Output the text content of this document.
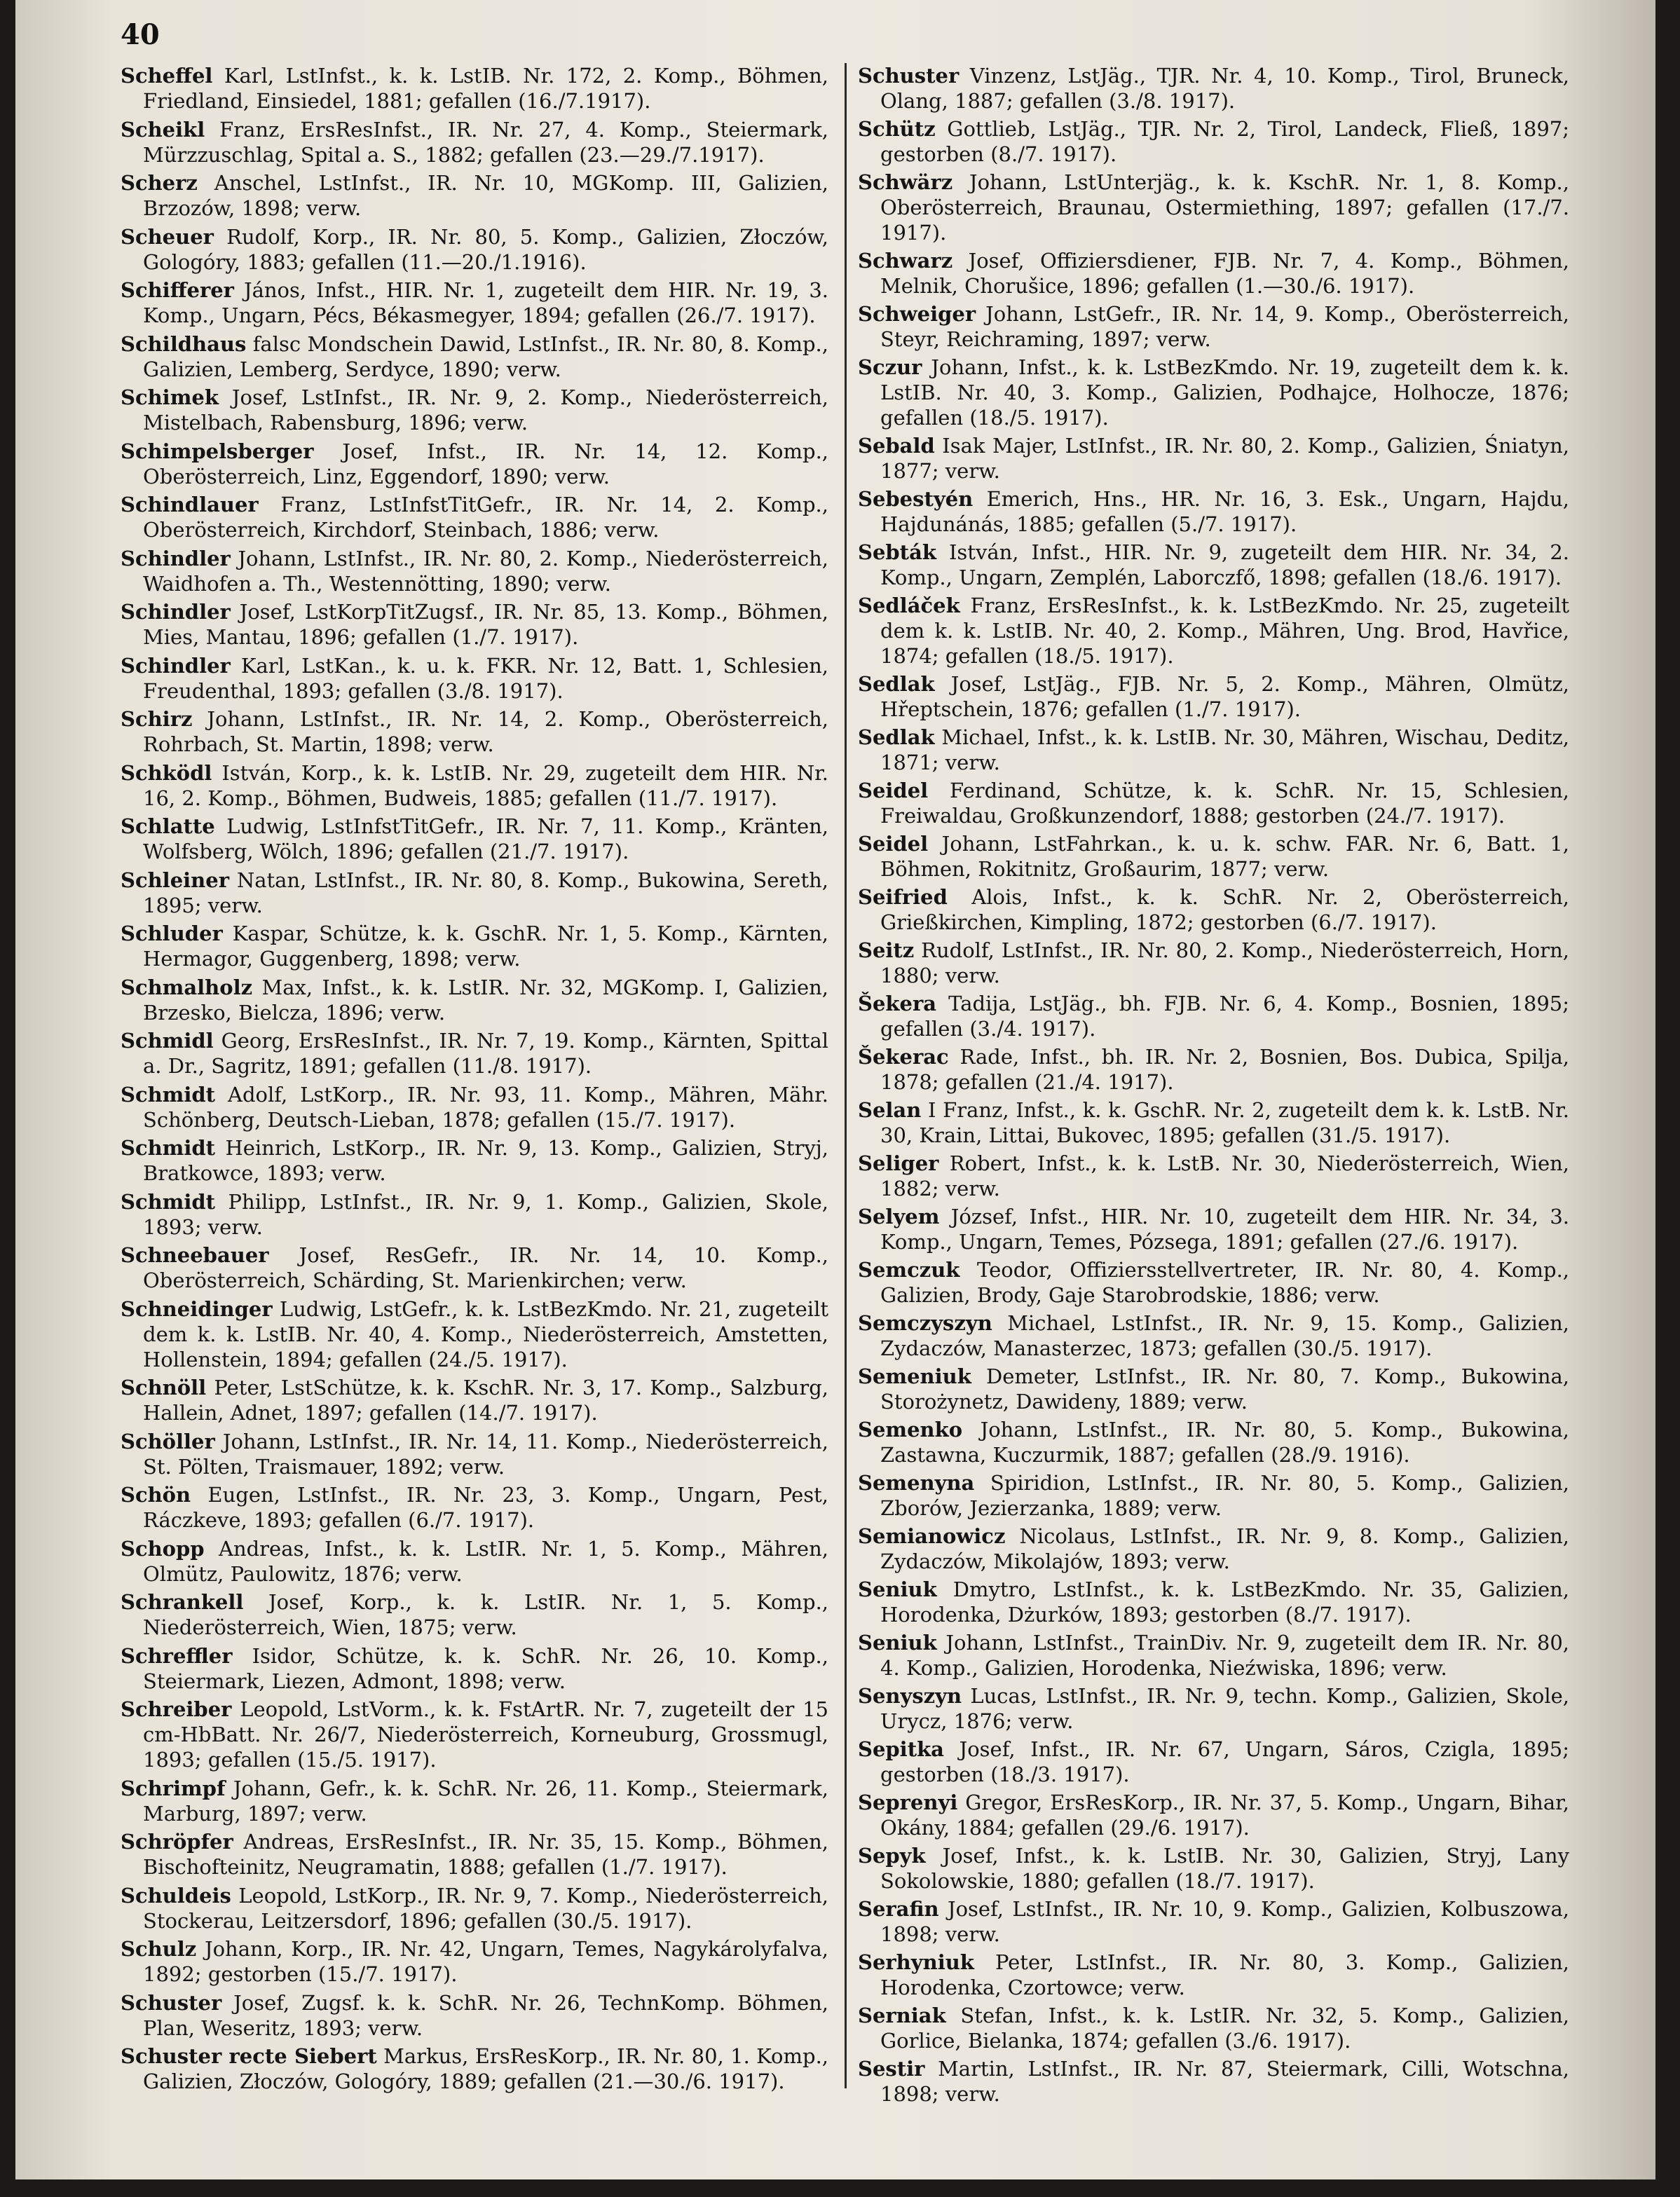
40

Scheffel Karl, LstInfst., k. k. LstIB. Nr. 172, 2. Komp., Böhmen, Friedland, Einsiedel, 1881; gefallen (16./7.1917).

Scheikl Franz, ErsResInfst., IR. Nr. 27, 4. Komp., Steiermark, Mürzzuschlag, Spital a. S., 1882; gefallen (23.—29./7.1917).

Scherz Anschel, LstInfst., IR. Nr. 10, MGKomp. III, Galizien, Brzozów, 1898; verw.

Scheuer Rudolf, Korp., IR. Nr. 80, 5. Komp., Galizien, Złoczów, Gologóry, 1883; gefallen (11.—20./1.1916).

Schifferer János, Infst., HIR. Nr. 1, zugeteilt dem HIR. Nr. 19, 3. Komp., Ungarn, Pécs, Békasmegyer, 1894; gefallen (26./7. 1917).

Schildhaus falsc Mondschein Dawid, LstInfst., IR. Nr. 80, 8. Komp., Galizien, Lemberg, Serdyce, 1890; verw.

Schimek Josef, LstInfst., IR. Nr. 9, 2. Komp., Niederösterreich, Mistelbach, Rabensburg, 1896; verw.

Schimpelsberger Josef, Infst., IR. Nr. 14, 12. Komp., Oberösterreich, Linz, Eggendorf, 1890; verw.

Schindlauer Franz, LstInfstTitGefr., IR. Nr. 14, 2. Komp., Oberösterreich, Kirchdorf, Steinbach, 1886; verw.

Schindler Johann, LstInfst., IR. Nr. 80, 2. Komp., Niederösterreich, Waidhofen a. Th., Westennötting, 1890; verw.

Schindler Josef, LstKorpTitZugsf., IR. Nr. 85, 13. Komp., Böhmen, Mies, Mantau, 1896; gefallen (1./7. 1917).

Schindler Karl, LstKan., k. u. k. FKR. Nr. 12, Batt. 1, Schlesien, Freudenthal, 1893; gefallen (3./8. 1917).

Schirz Johann, LstInfst., IR. Nr. 14, 2. Komp., Oberösterreich, Rohrbach, St. Martin, 1898; verw.

Schködl István, Korp., k. k. LstIB. Nr. 29, zugeteilt dem HIR. Nr. 16, 2. Komp., Böhmen, Budweis, 1885; gefallen (11./7. 1917).

Schlatte Ludwig, LstInfstTitGefr., IR. Nr. 7, 11. Komp., Kränten, Wolfsberg, Wölch, 1896; gefallen (21./7. 1917).

Schleiner Natan, LstInfst., IR. Nr. 80, 8. Komp., Bukowina, Sereth, 1895; verw.

Schluder Kaspar, Schütze, k. k. GschR. Nr. 1, 5. Komp., Kärnten, Hermagor, Guggenberg, 1898; verw.

Schmalholz Max, Infst., k. k. LstIR. Nr. 32, MGKomp. I, Galizien, Brzesko, Bielcza, 1896; verw.

Schmidl Georg, ErsResInfst., IR. Nr. 7, 19. Komp., Kärnten, Spittal a. Dr., Sagritz, 1891; gefallen (11./8. 1917).

Schmidt Adolf, LstKorp., IR. Nr. 93, 11. Komp., Mähren, Mähr. Schönberg, Deutsch-Lieban, 1878; gefallen (15./7. 1917).

Schmidt Heinrich, LstKorp., IR. Nr. 9, 13. Komp., Galizien, Stryj, Bratkowce, 1893; verw.

Schmidt Philipp, LstInfst., IR. Nr. 9, 1. Komp., Galizien, Skole, 1893; verw.

Schneebauer Josef, ResGefr., IR. Nr. 14, 10. Komp., Oberösterreich, Schärding, St. Marienkirchen; verw.

Schneidinger Ludwig, LstGefr., k. k. LstBezKmdo. Nr. 21, zugeteilt dem k. k. LstIB. Nr. 40, 4. Komp., Niederösterreich, Amstetten, Hollenstein, 1894; gefallen (24./5. 1917).

Schnöll Peter, LstSchütze, k. k. KschR. Nr. 3, 17. Komp., Salzburg, Hallein, Adnet, 1897; gefallen (14./7. 1917).

Schöller Johann, LstInfst., IR. Nr. 14, 11. Komp., Niederösterreich, St. Pölten, Traismauer, 1892; verw.

Schön Eugen, LstInfst., IR. Nr. 23, 3. Komp., Ungarn, Pest, Ráczkeve, 1893; gefallen (6./7. 1917).

Schopp Andreas, Infst., k. k. LstIR. Nr. 1, 5. Komp., Mähren, Olmütz, Paulowitz, 1876; verw.

Schrankell Josef, Korp., k. k. LstIR. Nr. 1, 5. Komp., Niederösterreich, Wien, 1875; verw.

Schreffler Isidor, Schütze, k. k. SchR. Nr. 26, 10. Komp., Steiermark, Liezen, Admont, 1898; verw.

Schreiber Leopold, LstVorm., k. k. FstArtR. Nr. 7, zugeteilt der 15 cm-HbBatt. Nr. 26/7, Niederösterreich, Korneuburg, Grossmugl, 1893; gefallen (15./5. 1917).

Schrimpf Johann, Gefr., k. k. SchR. Nr. 26, 11. Komp., Steiermark, Marburg, 1897; verw.

Schröpfer Andreas, ErsResInfst., IR. Nr. 35, 15. Komp., Böhmen, Bischofteinitz, Neugramatin, 1888; gefallen (1./7. 1917).

Schuldeis Leopold, LstKorp., IR. Nr. 9, 7. Komp., Niederösterreich, Stockerau, Leitzersdorf, 1896; gefallen (30./5. 1917).

Schulz Johann, Korp., IR. Nr. 42, Ungarn, Temes, Nagykárolyfalva, 1892; gestorben (15./7. 1917).

Schuster Josef, Zugsf. k. k. SchR. Nr. 26, TechnKomp. Böhmen, Plan, Weseritz, 1893; verw.

Schuster recte Siebert Markus, ErsResKorp., IR. Nr. 80, 1. Komp., Galizien, Złoczów, Gologóry, 1889; gefallen (21.—30./6. 1917).

Schuster Vinzenz, LstJäg., TJR. Nr. 4, 10. Komp., Tirol, Bruneck, Olang, 1887; gefallen (3./8. 1917).

Schütz Gottlieb, LstJäg., TJR. Nr. 2, Tirol, Landeck, Fließ, 1897; gestorben (8./7. 1917).

Schwärz Johann, LstUnterjäg., k. k. KschR. Nr. 1, 8. Komp., Oberösterreich, Braunau, Ostermiething, 1897; gefallen (17./7. 1917).

Schwarz Josef, Offiziersdiener, FJB. Nr. 7, 4. Komp., Böhmen, Melnik, Chorušice, 1896; gefallen (1.—30./6. 1917).

Schweiger Johann, LstGefr., IR. Nr. 14, 9. Komp., Oberösterreich, Steyr, Reichraming, 1897; verw.

Sczur Johann, Infst., k. k. LstBezKmdo. Nr. 19, zugeteilt dem k. k. LstIB. Nr. 40, 3. Komp., Galizien, Podhajce, Holhocze, 1876; gefallen (18./5. 1917).

Sebald Isak Majer, LstInfst., IR. Nr. 80, 2. Komp., Galizien, Śniatyn, 1877; verw.

Sebestyén Emerich, Hns., HR. Nr. 16, 3. Esk., Ungarn, Hajdu, Hajdunánás, 1885; gefallen (5./7. 1917).

Sebták István, Infst., HIR. Nr. 9, zugeteilt dem HIR. Nr. 34, 2. Komp., Ungarn, Zemplén, Laborczfő, 1898; gefallen (18./6. 1917).

Sedláček Franz, ErsResInfst., k. k. LstBezKmdo. Nr. 25, zugeteilt dem k. k. LstIB. Nr. 40, 2. Komp., Mähren, Ung. Brod, Havřice, 1874; gefallen (18./5. 1917).

Sedlak Josef, LstJäg., FJB. Nr. 5, 2. Komp., Mähren, Olmütz, Hřeptschein, 1876; gefallen (1./7. 1917).

Sedlak Michael, Infst., k. k. LstIB. Nr. 30, Mähren, Wischau, Deditz, 1871; verw.

Seidel Ferdinand, Schütze, k. k. SchR. Nr. 15, Schlesien, Freiwaldau, Großkunzendorf, 1888; gestorben (24./7. 1917).

Seidel Johann, LstFahrkan., k. u. k. schw. FAR. Nr. 6, Batt. 1, Böhmen, Rokitnitz, Großaurim, 1877; verw.

Seifried Alois, Infst., k. k. SchR. Nr. 2, Oberösterreich, Grießkirchen, Kimpling, 1872; gestorben (6./7. 1917).

Seitz Rudolf, LstInfst., IR. Nr. 80, 2. Komp., Niederösterreich, Horn, 1880; verw.

Šekera Tadija, LstJäg., bh. FJB. Nr. 6, 4. Komp., Bosnien, 1895; gefallen (3./4. 1917).

Šekerac Rade, Infst., bh. IR. Nr. 2, Bosnien, Bos. Dubica, Spilja, 1878; gefallen (21./4. 1917).

Selan I Franz, Infst., k. k. GschR. Nr. 2, zugeteilt dem k. k. LstB. Nr. 30, Krain, Littai, Bukovec, 1895; gefallen (31./5. 1917).

Seliger Robert, Infst., k. k. LstB. Nr. 30, Niederösterreich, Wien, 1882; verw.

Selyem József, Infst., HIR. Nr. 10, zugeteilt dem HIR. Nr. 34, 3. Komp., Ungarn, Temes, Pózsega, 1891; gefallen (27./6. 1917).

Semczuk Teodor, Offiziersstellvertreter, IR. Nr. 80, 4. Komp., Galizien, Brody, Gaje Starobrodskie, 1886; verw.

Semczyszyn Michael, LstInfst., IR. Nr. 9, 15. Komp., Galizien, Zydaczów, Manasterzec, 1873; gefallen (30./5. 1917).

Semeniuk Demeter, LstInfst., IR. Nr. 80, 7. Komp., Bukowina, Storożynetz, Dawideny, 1889; verw.

Semenko Johann, LstInfst., IR. Nr. 80, 5. Komp., Bukowina, Zastawna, Kuczurmik, 1887; gefallen (28./9. 1916).

Semenyna Spiridion, LstInfst., IR. Nr. 80, 5. Komp., Galizien, Zborów, Jezierzanka, 1889; verw.

Semianowicz Nicolaus, LstInfst., IR. Nr. 9, 8. Komp., Galizien, Zydaczów, Mikolajów, 1893; verw.

Seniuk Dmytro, LstInfst., k. k. LstBezKmdo. Nr. 35, Galizien, Horodenka, Dżurków, 1893; gestorben (8./7. 1917).

Seniuk Johann, LstInfst., TrainDiv. Nr. 9, zugeteilt dem IR. Nr. 80, 4. Komp., Galizien, Horodenka, Nieźwiska, 1896; verw.

Senyszyn Lucas, LstInfst., IR. Nr. 9, techn. Komp., Galizien, Skole, Urycz, 1876; verw.

Sepitka Josef, Infst., IR. Nr. 67, Ungarn, Sáros, Czigla, 1895; gestorben (18./3. 1917).

Seprenyi Gregor, ErsResKorp., IR. Nr. 37, 5. Komp., Ungarn, Bihar, Okány, 1884; gefallen (29./6. 1917).

Sepyk Josef, Infst., k. k. LstIB. Nr. 30, Galizien, Stryj, Lany Sokolowskie, 1880; gefallen (18./7. 1917).

Serafin Josef, LstInfst., IR. Nr. 10, 9. Komp., Galizien, Kolbuszowa, 1898; verw.

Serhyniuk Peter, LstInfst., IR. Nr. 80, 3. Komp., Galizien, Horodenka, Czortowce; verw.

Serniak Stefan, Infst., k. k. LstIR. Nr. 32, 5. Komp., Galizien, Gorlice, Bielanka, 1874; gefallen (3./6. 1917).

Sestir Martin, LstInfst., IR. Nr. 87, Steiermark, Cilli, Wotschna, 1898; verw.
